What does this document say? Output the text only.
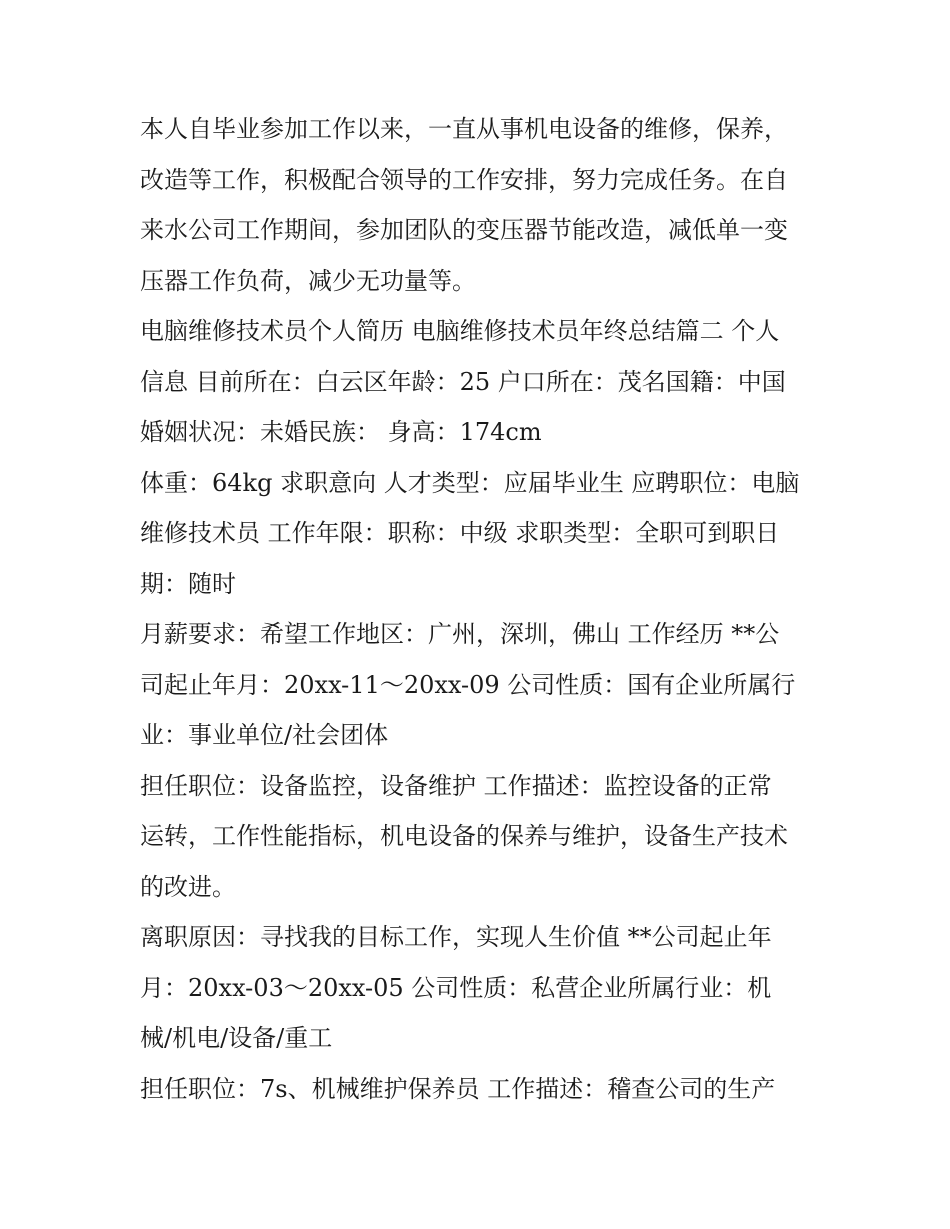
本人自毕业参加工作以来，一直从事机电设备的维修，保养，
改造等工作，积极配合领导的工作安排，努力完成任务。在自
来水公司工作期间，参加团队的变压器节能改造，减低单一变
压器工作负荷，减少无功量等。

电脑维修技术员个人简历 电脑维修技术员年终总结篇二 个人
信息 目前所在：白云区年龄：25 户口所在：茂名国籍：中国
婚姻状况：未婚民族： 身高：174cm

体重：64kg 求职意向 人才类型：应届毕业生 应聘职位：电脑
维修技术员 工作年限：职称：中级 求职类型：全职可到职日
期：随时

月薪要求：希望工作地区：广州，深圳，佛山 工作经历 **公
司起止年月：20xx-11～20xx-09 公司性质：国有企业所属行
业：事业单位/社会团体

担任职位：设备监控，设备维护 工作描述：监控设备的正常
运转，工作性能指标，机电设备的保养与维护，设备生产技术
的改进。

离职原因：寻找我的目标工作，实现人生价值 **公司起止年
月：20xx-03～20xx-05 公司性质：私营企业所属行业：机
械/机电/设备/重工

担任职位：7s、机械维护保养员 工作描述：稽查公司的生产
